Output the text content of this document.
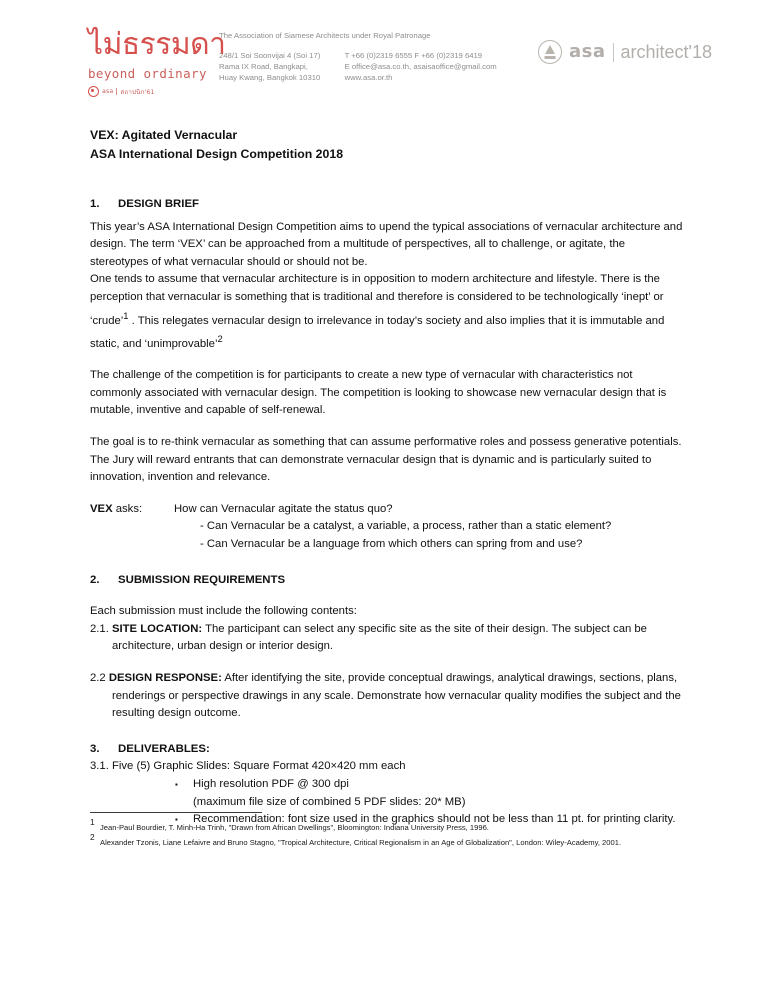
ไม่ธรรมดา
beyond ordinary
asa สถาปนิก'61
The Association of Siamese Architects under Royal Patronage
248/1 Soi Soonvijai 4 (Soi 17)
Rama IX Road, Bangkapi,
Huay Kwang, Bangkok 10310
T +66 (0)2319 6555 F +66 (0)2319 6419
E office@asa.co.th, asaisaoffice@gmail.com
www.asa.or.th
asa architect'18
VEX: Agitated Vernacular
ASA International Design Competition 2018
1.	DESIGN BRIEF

This year’s ASA International Design Competition aims to upend the typical associations of vernacular architecture and design. The term ‘VEX’ can be approached from a multitude of perspectives, all to challenge, or agitate, the stereotypes of what vernacular should or should not be.

One tends to assume that vernacular architecture is in opposition to modern architecture and lifestyle. There is the perception that vernacular is something that is traditional and therefore is considered to be technologically ‘inept’ or ‘crude’$^1$ . This relegates vernacular design to irrelevance in today’s society and also implies that it is immutable and static, and ‘unimprovable’$^2$

The challenge of the competition is for participants to create a new type of vernacular with characteristics not commonly associated with vernacular design. The competition is looking to showcase new vernacular design that is mutable, inventive and capable of self-renewal.

The goal is to re-think vernacular as something that can assume performative roles and possess generative potentials. The Jury will reward entrants that can demonstrate vernacular design that is dynamic and is particularly suited to innovation, invention and relevance.

VEX asks:	How can Vernacular agitate the status quo?
- Can Vernacular be a catalyst, a variable, a process, rather than a static element?
- Can Vernacular be a language from which others can spring from and use?
2.	SUBMISSION REQUIREMENTS

Each submission must include the following contents:

2.1. SITE LOCATION: The participant can select any specific site as the site of their design. The subject can be architecture, urban design or interior design.

2.2 DESIGN RESPONSE: After identifying the site, provide conceptual drawings, analytical drawings, sections, plans, renderings or perspective drawings in any scale. Demonstrate how vernacular quality modifies the subject and the resulting design outcome.

3.	DELIVERABLES:

3.1. Five (5) Graphic Slides: Square Format 420×420 mm each

▪	High resolution PDF @ 300 dpi
(maximum file size of combined 5 PDF slides: 20* MB)
▪	Recommendation: font size used in the graphics should not be less than 11 pt. for printing clarity.
1
Jean-Paul Bourdier, T. Minh-Ha Trinh, "Drawn from African Dwellings", Bloomington: Indiana University Press, 1996.
2
Alexander Tzonis, Liane Lefaivre and Bruno Stagno, "Tropical Architecture, Critical Regionalism in an Age of Globalization", London: Wiley-Academy, 2001.
